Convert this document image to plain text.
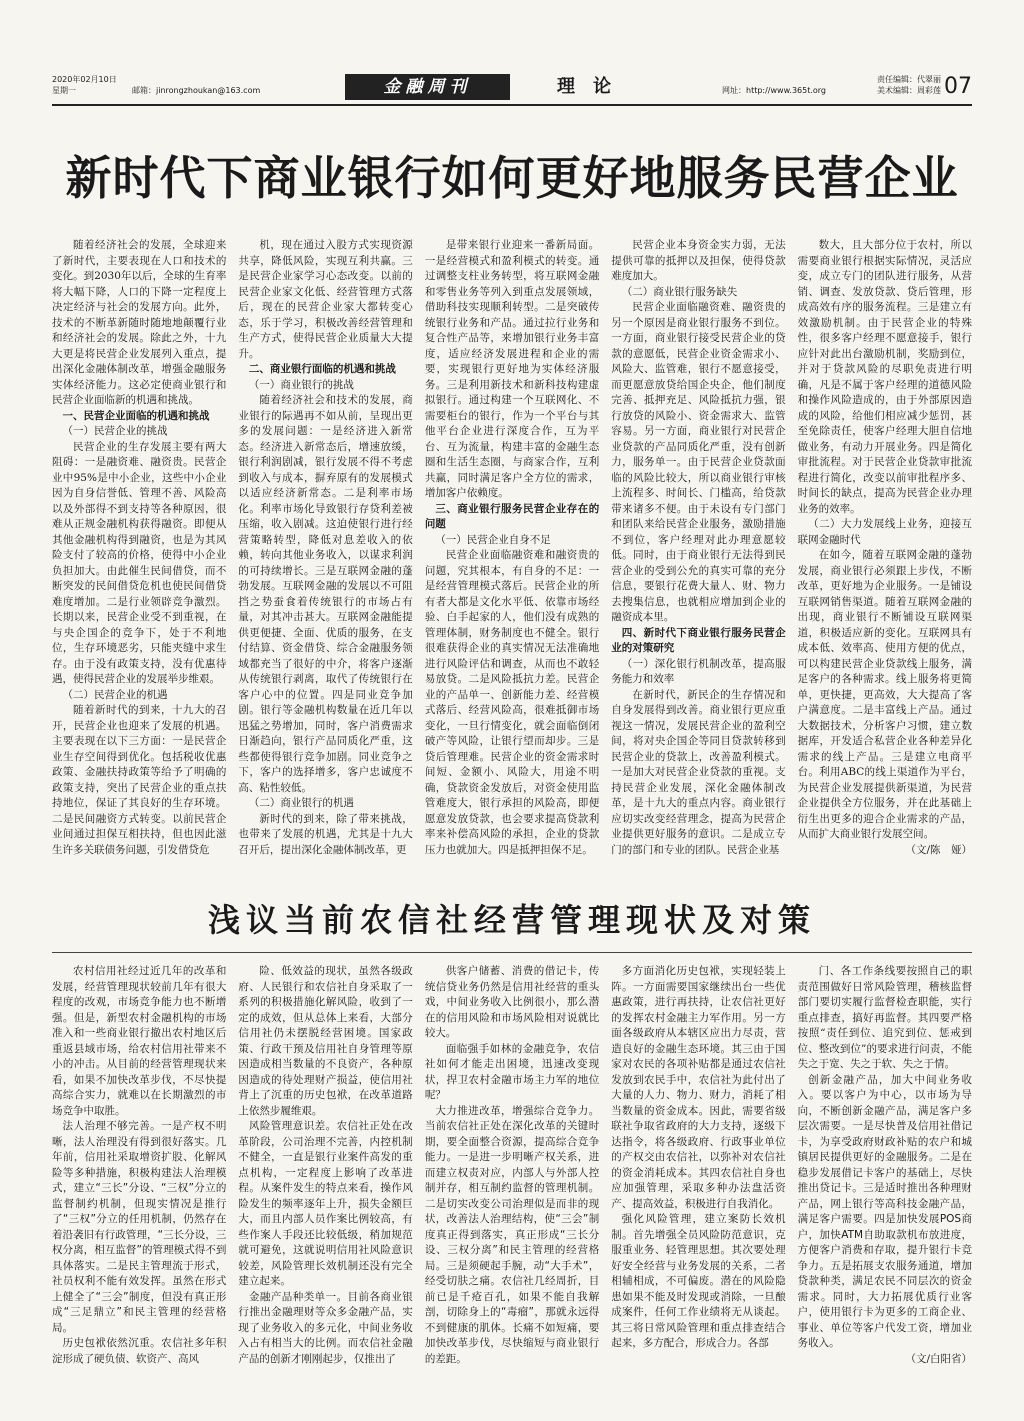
2020年02月10日
星期一	邮箱：jinrongzhoukan@163.com	金融周刊	理论	网址：http://www.365t.org
责任编辑：代翠丽
美术编辑：周彩莲 07
新时代下商业银行如何更好地服务民营企业

随着经济社会的发展，全球迎来了新时代，主要表现在人口和技术的变化。到2030年以后，全球的生育率将大幅下降，人口的下降一定程度上决定经济与社会的发展方向。此外，技术的不断革新随时随地地颠覆行业和经济社会的发展。除此之外，十九大更是将民营企业发展列入重点，提出深化金融体制改革，增强金融服务实体经济能力。这必定使商业银行和民营企业面临新的机遇和挑战。

一、民营企业面临的机遇和挑战

（一）民营企业的挑战

民营企业的生存发展主要有两大阻碍：一是融资难、融资贵。民营企业中95%是中小企业，这些中小企业因为自身信誉低、管理不善、风险高以及外部得不到支持等各种原因，很难从正规金融机构获得融资。即便从其他金融机构得到融资，也是为其风险支付了较高的价格，使得中小企业负担加大。由此催生民间借贷，而不断突发的民间借贷危机也使民间借贷难度增加。二是行业领辟竞争激烈。长期以来，民营企业受不到重视，在与央企国企的竞争下，处于不利地位，生存环境恶劣，只能夹缝中求生存。由于没有政策支持，没有优惠待遇，使得民营企业的发展举步维艰。

（二）民营企业的机遇

随着新时代的到来，十九大的召开，民营企业也迎来了发展的机遇。主要表现在以下三方面：一是民营企业生存空间得到优化。包括税收优惠政策、金融扶持政策等给予了明确的政策支持，突出了民营企业的重点扶持地位，保证了其良好的生存环境。二是民间融资方式转变。以前民营企业间通过担保互相扶持，但也因此滋生许多关联债务问题，引发借贷危

机，现在通过入股方式实现资源共享，降低风险，实现互利共赢。三是民营企业家学习心态改变。以前的民营企业家文化低、经营管理方式落后，现在的民营企业家大都转变心态，乐于学习，积极改善经营管理和生产方式，使得民营企业质量大大提升。

二、商业银行面临的机遇和挑战

（一）商业银行的挑战

随着经济社会和技术的发展，商业银行的际遇再不如从前，呈现出更多的发展问题：一是经济进入新常态。经济进入新常态后，增速放缓，银行利润剧减，银行发展不得不考虑到收入与成本，摒弃原有的发展模式以适应经济新常态。二是利率市场化。利率市场化导致银行存贷利差被压缩，收入剧减。这迫使银行进行经营策略转型，降低对息差收入的依赖，转向其他业务收入，以谋求利润的可持续增长。三是互联网金融的蓬勃发展。互联网金融的发展以不可阻挡之势蚕食着传统银行的市场占有量，对其冲击甚大。互联网金融能提供更便捷、全面、优质的服务，在支付结算、资金借贷、综合金融服务领域都充当了很好的中介，将客户逐渐从传统银行剥离，取代了传统银行在客户心中的位置。四是同业竞争加剧。银行等金融机构数量在近几年以迅猛之势增加，同时，客户消费需求日渐趋向，银行产品同质化严重，这些都使得银行竞争加剧。同业竞争之下，客户的选择增多，客户忠诚度不高、粘性较低。

（二）商业银行的机遇

新时代的到来，除了带来挑战，也带来了发展的机遇，尤其是十九大召开后，提出深化金融体制改革，更

是带来银行业迎来一番新局面。一是经营模式和盈利模式的转变。通过调整支柱业务转型，将互联网金融和零售业务等列入到重点发展领域，借助科技实现顺利转型。二是突破传统银行业务和产品。通过拉行业务和复合性产品等，来增加银行业务丰富度，适应经济发展进程和企业的需要，实现银行更好地为实体经济服务。三是利用新技术和新科技构建虚拟银行。通过构建一个互联网化、不需要柜台的银行，作为一个平台与其他平台企业进行深度合作，互为平台、互为流量，构建丰富的金融生态圈和生活生态圈，与商家合作，互利共赢，同时满足客户全方位的需求，增加客户依赖度。

三、商业银行服务民营企业存在的问题

（一）民营企业自身不足

民营企业面临融资难和融资贵的问题，究其根本，有自身的不足：一是经营管理模式落后。民营企业的所有者大都是文化水平低、依靠市场经验、白手起家的人，他们没有成熟的管理体制，财务制度也不健全。银行很难获得企业的真实情况无法准确地进行风险评估和调查，从而也不敢轻易放贷。二是风险抵抗力差。民营企业的产品单一、创新能力差、经营模式落后、经营风险高，很难抵御市场变化，一旦行情变化，就会面临倒闭破产等风险，让银行望而却步。三是贷后管理难。民营企业的资金需求时间短、金额小、风险大，用途不明确，贷款资金发放后，对资金使用监管难度大，银行承担的风险高，即便愿意发放贷款，也会要求提高贷款利率来补偿高风险的承担，企业的贷款压力也就加大。四是抵押担保不足。

民营企业本身资金实力弱，无法提供可靠的抵押以及担保，使得贷款难度加大。

（二）商业银行服务缺失

民营企业面临融资难、融资贵的另一个原因是商业银行服务不到位。一方面，商业银行接受民营企业的贷款的意愿低，民营企业资金需求小、风险大、监管难，银行不愿意接受，而更愿意放贷给国企央企，他们制度完善、抵押充足、风险抵抗力强，银行放贷的风险小、资金需求大、监管容易。另一方面，商业银行对民营企业贷款的产品同质化严重，没有创新力，服务单一。由于民营企业贷款面临的风险比较大，所以商业银行审核上流程多、时间长、门槛高，给贷款带来诸多不便。由于未设有专门部门和团队来给民营企业服务，激励措施不到位，客户经理对此办理意愿较低。同时，由于商业银行无法得到民营企业的受到公允的真实可靠的充分信息，要银行花费大量人、财、物力去搜集信息，也就相应增加到企业的融资成本里。

四、新时代下商业银行服务民营企业的对策研究

（一）深化银行机制改革，提高服务能力和效率

在新时代，新民企的生存情况和自身发展得到改善。商业银行更应重视这一情况，发展民营企业的盈利空间，将对央企国企等同目贷款转移到民营企业的贷款上，改善盈利模式。一是加大对民营企业贷款的重视。支持民营企业发展，深化金融体制改革，是十九大的重点内容。商业银行应切实改变经营理念，提高为民营企业提供更好服务的意识。二是成立专门的部门和专业的团队。民营企业基

数大，且大部分位于农村，所以需要商业银行根据实际情况，灵活应变，成立专门的团队进行服务，从营销、调查、发放贷款、贷后管理，形成高效有序的服务流程。三是建立有效激励机制。由于民营企业的特殊性，很多客户经理不愿意接手，银行应针对此出台激励机制，奖励到位，并对于贷款风险的尽职免责进行明确，凡是不属于客户经理的道德风险和操作风险造成的，由于外部原因造成的风险，给他们相应减少惩罚，甚至免除责任，使客户经理大胆自信地做业务，有动力开展业务。四是简化审批流程。对于民营企业贷款审批流程进行简化，改变以前审批程序多、时间长的缺点，提高为民营企业办理业务的效率。

（二）大力发展线上业务，迎接互联网金融时代

在如今，随着互联网金融的蓬勃发展，商业银行必须跟上步伐，不断改革，更好地为企业服务。一是铺设互联网销售渠道。随着互联网金融的出现，商业银行不断铺设互联网渠道，积极适应新的变化。互联网具有成本低、效率高、使用方便的优点，可以构建民营企业贷款线上服务，满足客户的各种需求。线上服务将更简单，更快捷，更高效，大大提高了客户满意度。二是丰富线上产品。通过大数据技术，分析客户习惯，建立数据库，开发适合私营企业各种差异化需求的线上产品。三是建立电商平台。利用ABC的线上渠道作为平台，为民营企业发展提供新渠道，为民营企业提供全方位服务，并在此基础上衍生出更多的迎合企业需求的产品，从而扩大商业银行发展空间。

（文/陈　娅）

浅议当前农信社经营管理现状及对策

农村信用社经过近几年的改革和发展，经营管理现状较前几年有很大程度的改观，市场竞争能力也不断增强。但是，新型农村金融机构的市场准入和一些商业银行撤出农村地区后重返县域市场，给农村信用社带来不小的冲击。从目前的经营管理现状来看，如果不加快改革步伐，不尽快提高综合实力，就难以在长期激烈的市场竞争中取胜。

法人治理不够完善。一是产权不明晰，法人治理没有得到很好落实。几年前，信用社采取增资扩股、化解风险等多种措施，积极构建法人治理模式，建立“三长”分设、“三权”分立的监督制约机制，但现实情况是推行了“三权”分立的任用机制，仍然存在着沿袭旧有行政管理，“三长分设，三权分离，相互监督”的管理模式得不到具体落实。二是民主管理流于形式，社员权利不能有效发挥。虽然在形式上健全了“三会”制度，但没有真正形成“三足鼎立”和民主管理的经营格局。

历史包袱依然沉重。农信社多年积淀形成了硬负债、软资产、高风

险、低效益的现状，虽然各级政府、人民银行和农信社自身采取了一系列的积极措施化解风险，收到了一定的成效，但从总体上来看，大部分信用社仍未摆脱经营困境。国家政策、行政干预及信用社自身管理等原因造成相当数量的不良资产，各种原因造成的待处理财产损益，使信用社背上了沉重的历史包袱，在改革道路上依然步履维艰。

风险管理意识差。农信社正处在改革阶段，公司治理不完善，内控机制不健全，一直是银行业案件高发的重点机构，一定程度上影响了改革进程。从案件发生的特点来看，操作风险发生的频率逐年上升，损失金额巨大，而且内部人员作案比例较高，有些作案人手段还比较低级，稍加规范就可避免，这就说明信用社风险意识较差，风险管理长效机制还没有完全建立起来。

金融产品种类单一。目前各商业银行推出金融理财等众多金融产品，实现了业务收入的多元化，中间业务收入占有相当大的比例。而农信社金融产品的创新才刚刚起步，仅推出了

供客户储蓄、消费的借记卡，传统信贷业务仍然是信用社经营的重头戏，中间业务收入比例很小，那么潜在的信用风险和市场风险相对说就比较大。

面临强手如林的金融竞争，农信社如何才能走出困境，迅速改变现状，捍卫农村金融市场主力军的地位呢？

大力推进改革，增强综合竞争力。当前农信社正处在深化改革的关键时期，要全面整合资源，提高综合竞争能力。一是进一步明晰产权关系，进而建立权责对应，内部人与外部人控制并存，相互制约监督的管理机制。二是切实改变公司治理似是而非的现状，改善法人治理结构，使“三会”制度真正得到落实，真正形成“三长分设、三权分离”和民主管理的经营格局。三是须硬起手腕，动“大手术”，经受切肤之痛。农信社几经周折，目前已是千疮百孔，如果不能自我解剖，切除身上的“毒瘤”，那就永远得不到健康的肌体。长痛不如短痛，要加快改革步伐，尽快缩短与商业银行的差距。

多方面消化历史包袱，实现轻装上阵。一方面需要国家继续出台一些优惠政策，进行再扶持，让农信社更好的发挥农村金融主力军作用。另一方面各级政府从本辖区应出力尽责，营造良好的金融生态环境。其三由于国家对农民的各项补贴都是通过农信社发放到农民手中，农信社为此付出了大量的人力、物力、财力，消耗了相当数量的资金成本。因此，需要省级联社争取省政府的大力支持，逐级下达指令，将各级政府、行政事业单位的产权交由农信社，以弥补对农信社的资金消耗成本。其四农信社自身也应加强管理，采取多种办法盘活资产、提高效益，积极进行自我消化。

强化风险管理，建立案防长效机制。首先增强全员风险防范意识，克服重业务、轻管理思想。其次要处理好安全经营与业务发展的关系，二者相辅相成，不可偏废。潜在的风险隐患如果不能及时发现或消除，一旦酿成案件，任何工作业绩将无从谈起。其三将日常风险管理和重点排查结合起来，多方配合，形成合力。各部

门、各工作条线要按照自己的职责范围做好日常风险管理，稽核监督部门要切实履行监督检查职能，实行重点排查，搞好再监督。其四要严格按照“责任到位、追究到位、惩戒到位、整改到位”的要求进行问责，不能失之于宽、失之于软、失之于情。

创新金融产品，加大中间业务收入。要以客户为中心，以市场为导向，不断创新金融产品，满足客户多层次需要。一是尽快普及信用社借记卡，为享受政府财政补贴的农户和城镇居民提供更好的金融服务。二是在稳步发展借记卡客户的基础上，尽快推出贷记卡。三是适时推出各种理财产品，网上银行等高科技金融产品，满足客户需要。四是加快发展POS商户，加快ATM自助取款机布放进度，方便客户消费和存取，提升银行卡竞争力。五是拓展支农服务通道，增加贷款种类，满足农民不同层次的资金需求。同时，大力拓展优质行业客户，使用银行卡为更多的工商企业、事业、单位等客户代发工资，增加业务收入。

（文/白阳省）
